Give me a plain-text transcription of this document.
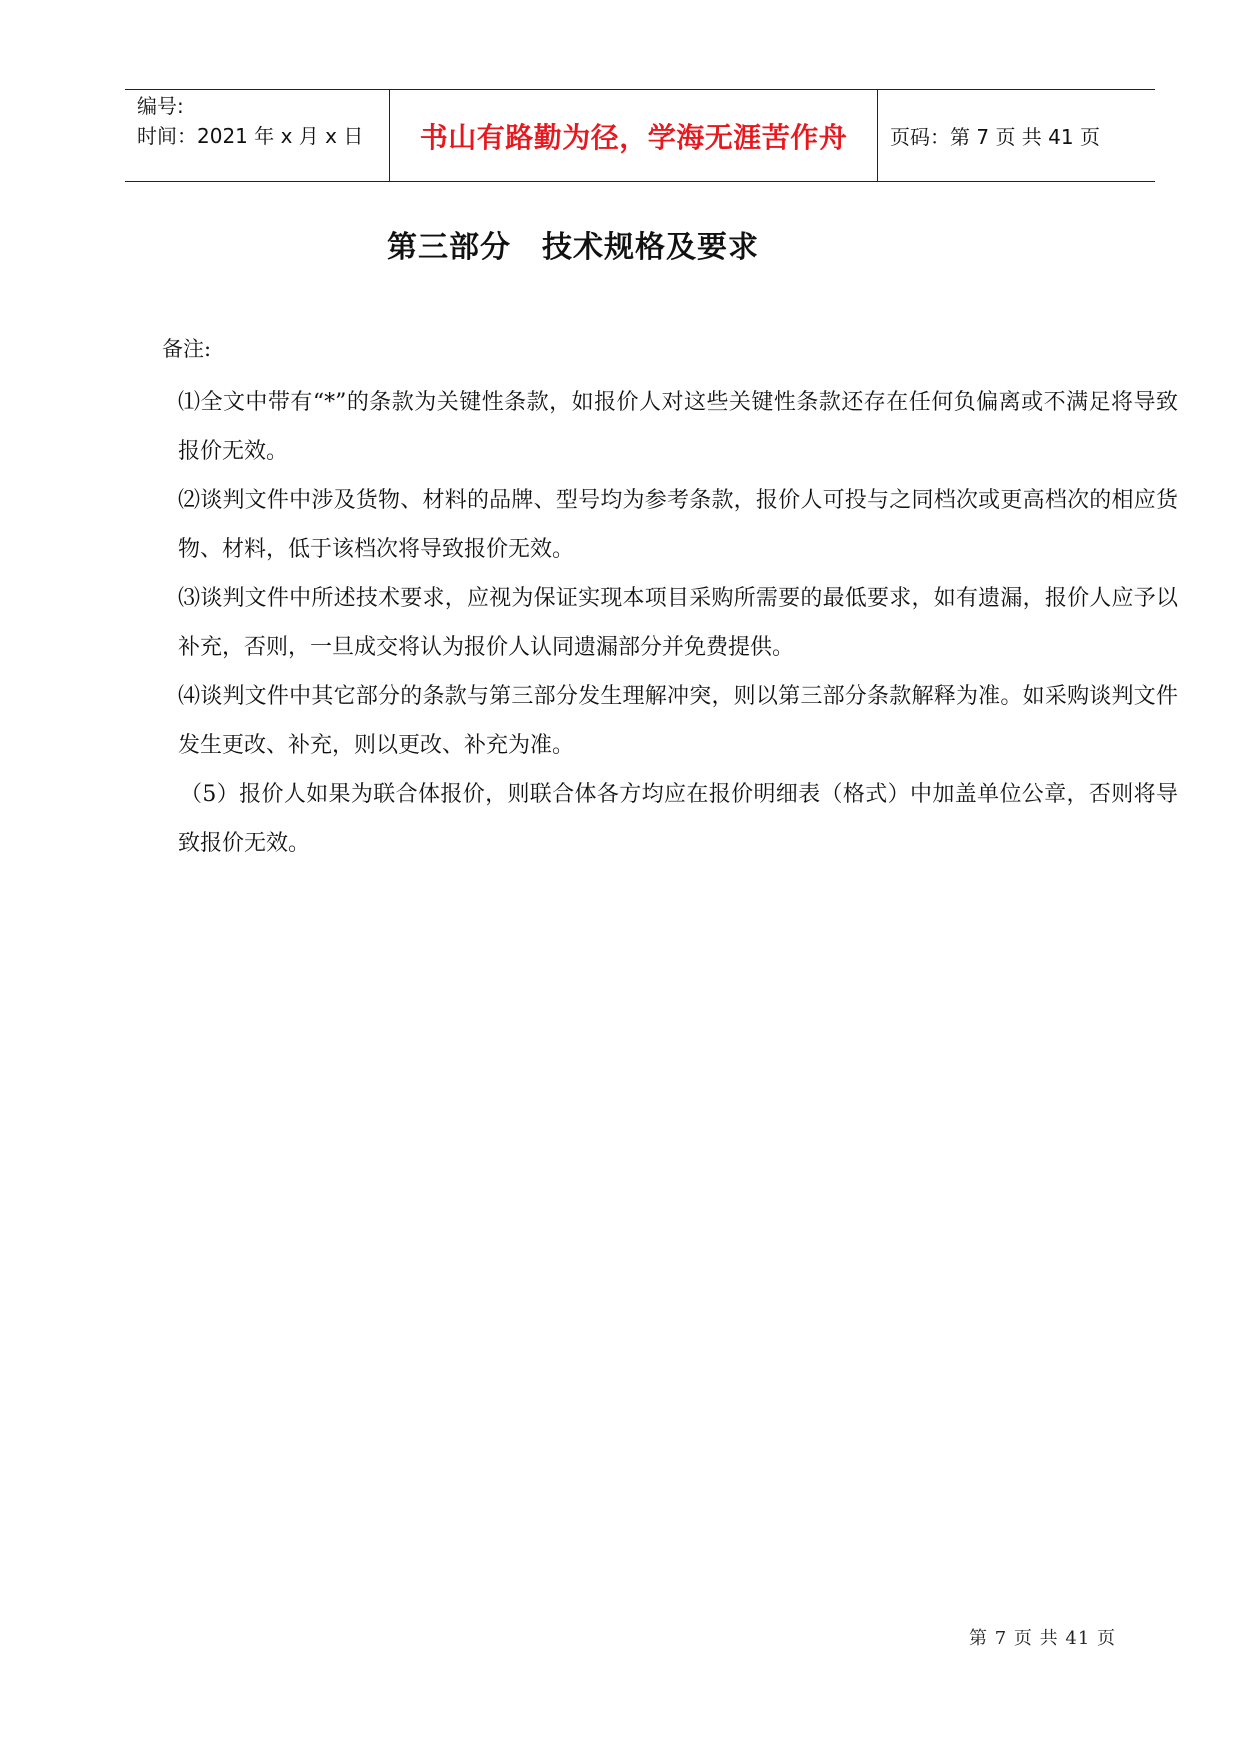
编号:
时间：2021 年 x 月 x 日	书山有路勤为径，学海无涯苦作舟 页码：第 7 页 共 41 页
第三部分　技术规格及要求
备注:

⑴全文中带有“*”的条款为关键性条款，如报价人对这些关键性条款还存在任何负偏离或不满足将导致报价无效。

⑵谈判文件中涉及货物、材料的品牌、型号均为参考条款，报价人可投与之同档次或更高档次的相应货物、材料，低于该档次将导致报价无效。

⑶谈判文件中所述技术要求，应视为保证实现本项目采购所需要的最低要求，如有遗漏，报价人应予以补充，否则，一旦成交将认为报价人认同遗漏部分并免费提供。

⑷谈判文件中其它部分的条款与第三部分发生理解冲突，则以第三部分条款解释为准。如采购谈判文件发生更改、补充，则以更改、补充为准。

（5）报价人如果为联合体报价，则联合体各方均应在报价明细表（格式）中加盖单位公章，否则将导致报价无效。

第 7 页 共 41 页
